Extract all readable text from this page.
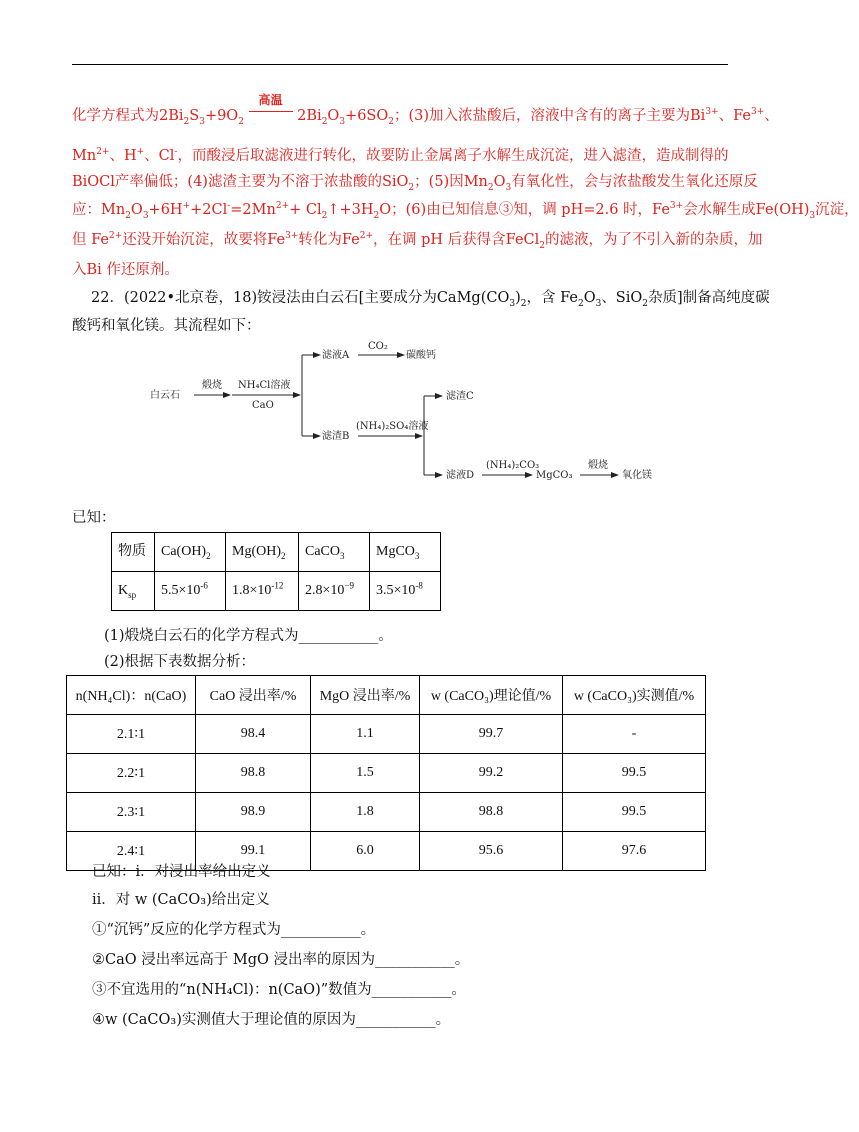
化学方程式为$2Bi_2S_3+9O_2$
高温
$2Bi_2O_3+6SO_2$；(3)加入浓盐酸后，溶液中含有的离子主要为$Bi^{3+}$、$Fe^{3+}$、
$Mn^{2+}$、H+、Cl-，而酸浸后取滤液进行转化，故要防止金属离子水解生成沉淀，进入滤渣，造成制得的
BiOCl产率偏低；(4)滤渣主要为不溶于浓盐酸的SiO$_2$；(5)因$Mn_2O_3$有氧化性，会与浓盐酸发生氧化还原反
应：$Mn_2O_3+6H^++2Cl^-=2Mn^{2+}+$ $Cl_2↑+3H_2O$；(6)由已知信息③知，调 pH=2.6 时，$Fe^{3+}$会水解生成$Fe(OH)_3$沉淀，
但 $Fe^{2+}$还没开始沉淀，故要将$Fe^{3+}$转化为$Fe^{2+}$，在调 pH 后获得含FeCl$_2$的滤液，为了不引入新的杂质，加
入Bi 作还原剂。
22．(2022•北京卷，18)铵浸法由白云石[主要成分为$CaMg(CO_3)_2$，含 $Fe_2O_3$、SiO$_2$杂质]制备高纯度碳
酸钙和氧化镁。其流程如下：
白云石
煅烧 NH₄Cl溶液
CaO
滤液A
CO₂
碳酸钙
滤渣B
(NH₄)₂SO₄溶液
滤渣C
滤液D
(NH₄)₂CO₃
MgCO₃
煅烧
氧化镁
已知：
物质	$Ca(OH)_2$	$Mg(OH)_2$	CaCO$_3$	MgCO$_3$
$K_{sp}$	$5.5\times 10^{-6}$	$1.8\times 10^{-12}$	$2.8\times 10^{-9}$	$3.5\times 10^{-8}$
(1)煅烧白云石的化学方程式为___________。
(2)根据下表数据分析：
n(NH₄Cl)：n(CaO)	CaO 浸出率/%	MgO 浸出率/%	w (CaCO₃)理论值/%	w (CaCO₃)实测值/%
2.1∶1	98.4	1.1	99.7	-
2.2∶1	98.8	1.5	99.2	99.5
2.3∶1	98.9	1.8	98.8	99.5
2.4∶1	99.1	6.0	95.6	97.6
已知：i．对浸出率给出定义
ii．对 w (CaCO₃)给出定义
①“沉钙”反应的化学方程式为___________。
②CaO 浸出率远高于 MgO 浸出率的原因为___________。
③不宜选用的“n(NH₄Cl)：n(CaO)”数值为___________。
④w (CaCO₃)实测值大于理论值的原因为___________。
